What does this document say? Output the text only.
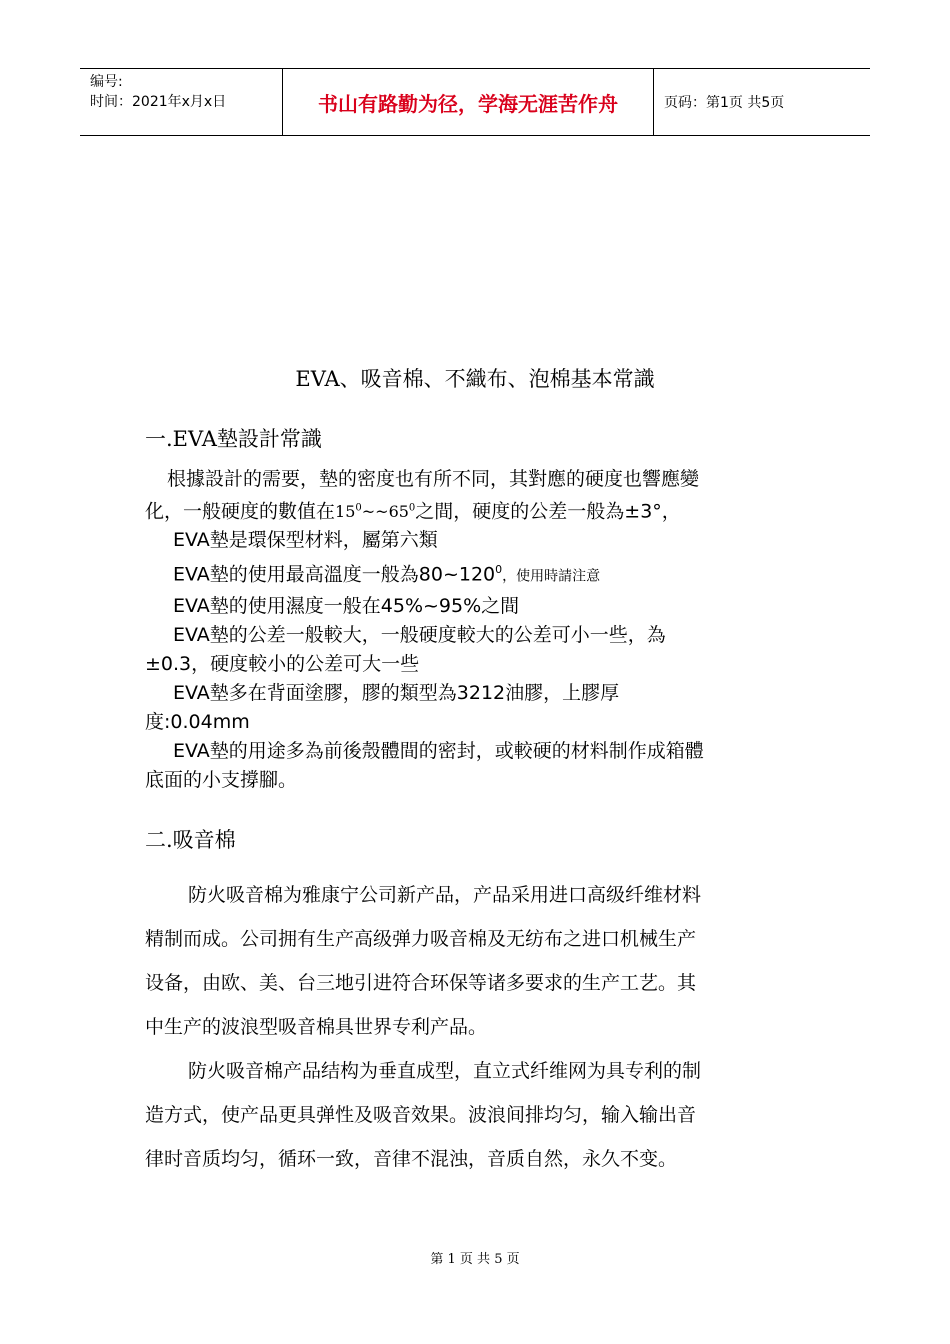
编号:
时间：2021年x月x日	书山有路勤为径，学海无涯苦作舟	页码：第1页 共5页
EVA、吸音棉、不織布、泡棉基本常識
一.EVA墊設計常識
根據設計的需要，墊的密度也有所不同，其對應的硬度也響應變
化，一般硬度的數值在$15^0\sim\sim 65^0$之間，硬度的公差一般為±3°，
EVA墊是環保型材料，屬第六類
EVA墊的使用最高溫度一般為$80\sim 120^0$，使用時請注意
EVA墊的使用濕度一般在45%~95%之間
EVA墊的公差一般較大，一般硬度較大的公差可小一些，為
±0.3，硬度較小的公差可大一些
EVA墊多在背面塗膠，膠的類型為3212油膠，上膠厚
度:0.04mm
EVA墊的用途多為前後殼體間的密封，或較硬的材料制作成箱體
底面的小支撐腳。
二.吸音棉
防火吸音棉为雅康宁公司新产品，产品采用进口高级纤维材料
精制而成。公司拥有生产高级弹力吸音棉及无纺布之进口机械生产
设备，由欧、美、台三地引进符合环保等诸多要求的生产工艺。其
中生产的波浪型吸音棉具世界专利产品。
防火吸音棉产品结构为垂直成型，直立式纤维网为具专利的制
造方式，使产品更具弹性及吸音效果。波浪间排均匀，输入输出音
律时音质均匀，循环一致，音律不混浊，音质自然，永久不变。
第 1 页 共 5 页
